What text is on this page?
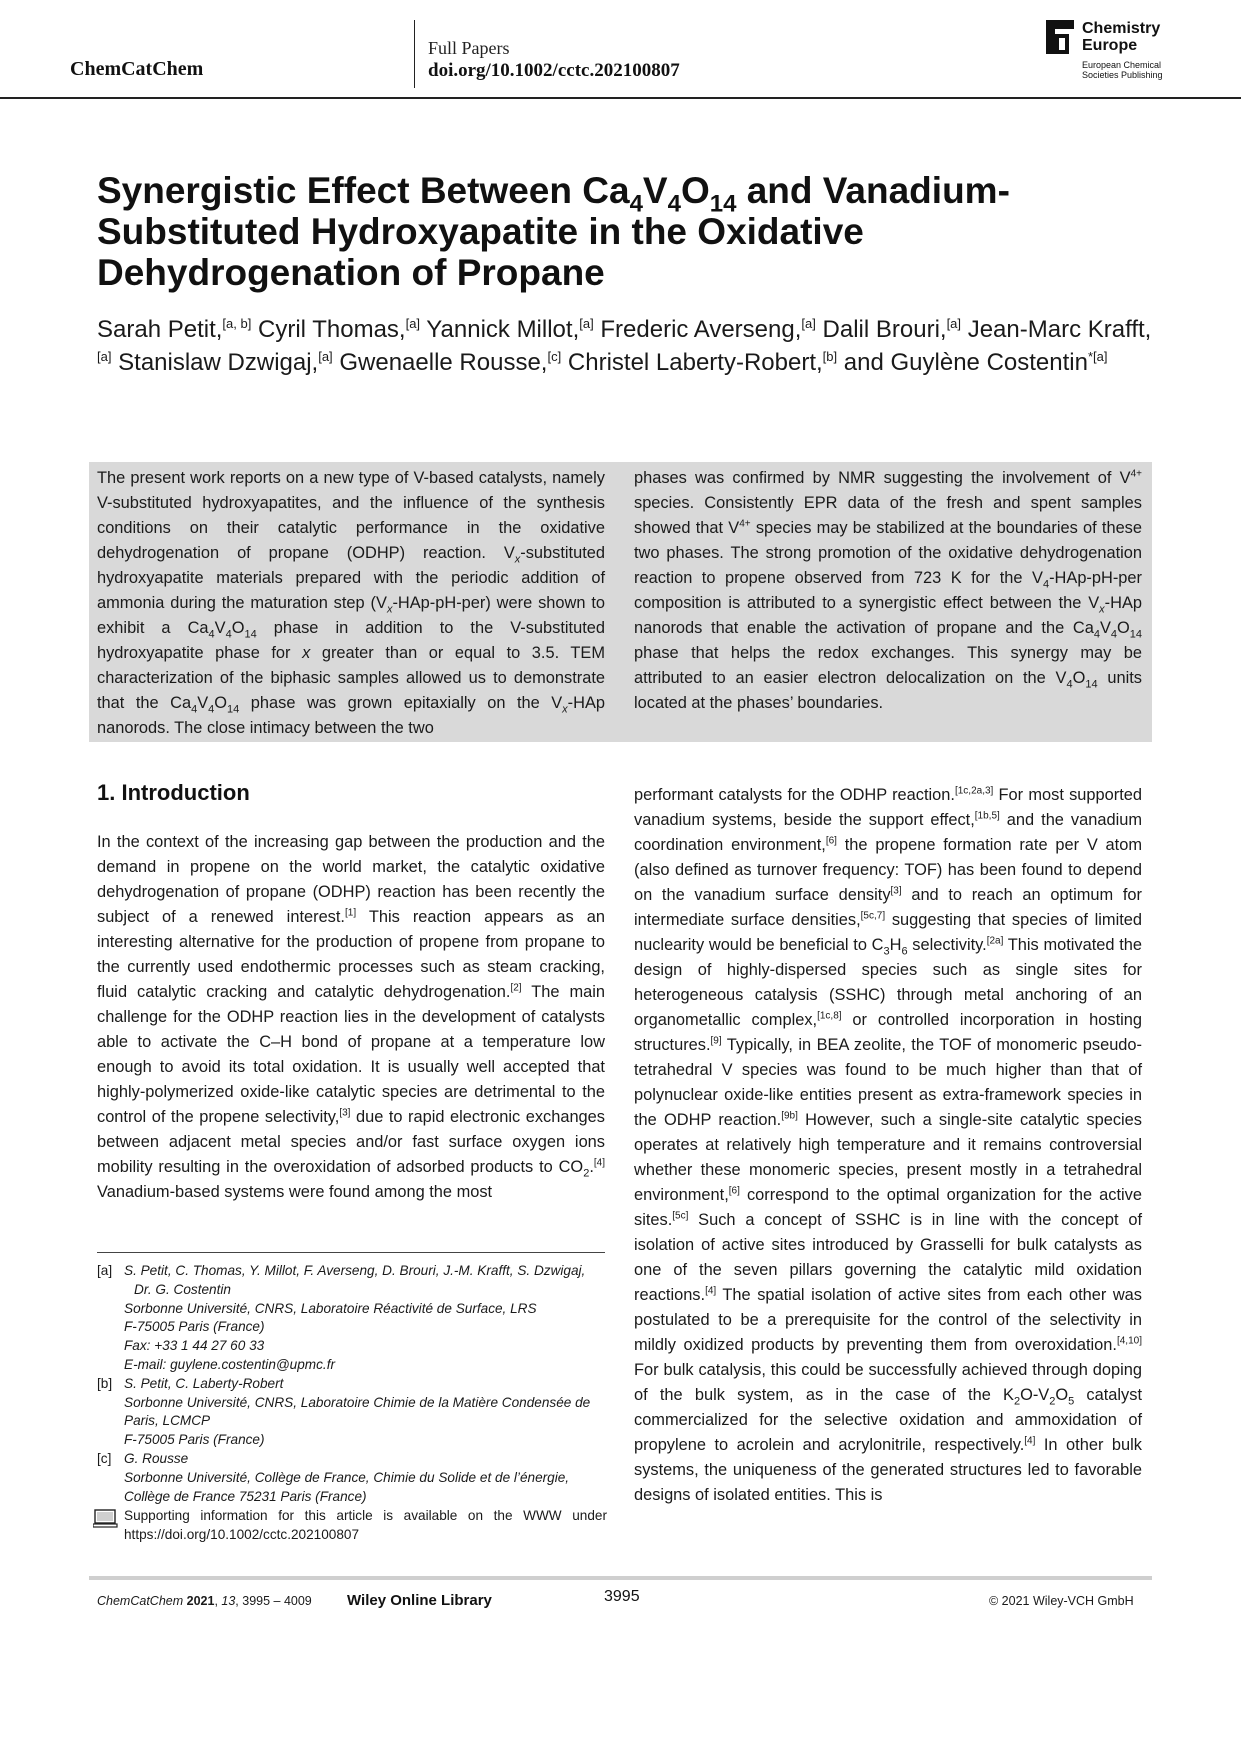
ChemCatChem
Full Papers
doi.org/10.1002/cctc.202100807
Chemistry
Europe
European Chemical
Societies Publishing
Synergistic Effect Between $Ca_4V_4O_{14}$ and Vanadium-Substituted Hydroxyapatite in the Oxidative Dehydrogenation of Propane

Sarah Petit,[a, b] Cyril Thomas,[a] Yannick Millot,[a] Frederic Averseng,[a] Dalil Brouri,[a] Jean-Marc Krafft,[a] Stanislaw Dzwigaj,[a] Gwenaelle Rousse,[c] Christel Laberty-Robert,[b] and Guylène Costentin$^{*[a]}$

The present work reports on a new type of V-based catalysts, namely V-substituted hydroxyapatites, and the influence of the synthesis conditions on their catalytic performance in the oxidative dehydrogenation of propane (ODHP) reaction. $V_x$-substituted hydroxyapatite materials prepared with the periodic addition of ammonia during the maturation step $(V_x-HAp-pH-per)$ were shown to exhibit a $Ca_4V_4O_{14}$ phase in addition to the V-substituted hydroxyapatite phase for x greater than or equal to 3.5. TEM characterization of the biphasic samples allowed us to demonstrate that the $Ca_4V_4O_{14}$ phase was grown epitaxially on the $V_x$-HAp nanorods. The close intimacy between the two

phases was confirmed by NMR suggesting the involvement of $V^{4+}$ species. Consistently EPR data of the fresh and spent samples showed that $V^{4+}$ species may be stabilized at the boundaries of these two phases. The strong promotion of the oxidative dehydrogenation reaction to propene observed from 723 K for the $V_4-HAp-pH$-per composition is attributed to a synergistic effect between the $V_x$-HAp nanorods that enable the activation of propane and the $Ca_4V_4O_{14}$ phase that helps the redox exchanges. This synergy may be attributed to an easier electron delocalization on the $V_4O_{14}$ units located at the phases’ boundaries.

1. Introduction

In the context of the increasing gap between the production and the demand in propene on the world market, the catalytic oxidative dehydrogenation of propane (ODHP) reaction has been recently the subject of a renewed interest.[1] This reaction appears as an interesting alternative for the production of propene from propane to the currently used endothermic processes such as steam cracking, fluid catalytic cracking and catalytic dehydrogenation.[2] The main challenge for the ODHP reaction lies in the development of catalysts able to activate the C–H bond of propane at a temperature low enough to avoid its total oxidation. It is usually well accepted that highly-polymerized oxide-like catalytic species are detrimental to the control of the propene selectivity,[3] due to rapid electronic exchanges between adjacent metal species and/or fast surface oxygen ions mobility resulting in the overoxidation of adsorbed products to $CO_2.[4]$ Vanadium-based systems were found among the most

performant catalysts for the ODHP reaction.[1c,2a,3] For most supported vanadium systems, beside the support effect,[1b,5] and the vanadium coordination environment,[6] the propene formation rate per V atom (also defined as turnover frequency: TOF) has been found to depend on the vanadium surface density[3] and to reach an optimum for intermediate surface densities,[5c,7] suggesting that species of limited nuclearity would be beneficial to $C_3H_6$ selectivity.[2a] This motivated the design of highly-dispersed species such as single sites for heterogeneous catalysis (SSHC) through metal anchoring of an organometallic complex,[1c,8] or controlled incorporation in hosting structures.[9] Typically, in BEA zeolite, the TOF of monomeric pseudo-tetrahedral V species was found to be much higher than that of polynuclear oxide-like entities present as extra-framework species in the ODHP reaction.[9b] However, such a single-site catalytic species operates at relatively high temperature and it remains controversial whether these monomeric species, present mostly in a tetrahedral environment,[6] correspond to the optimal organization for the active sites.[5c] Such a concept of SSHC is in line with the concept of isolation of active sites introduced by Grasselli for bulk catalysts as one of the seven pillars governing the catalytic mild oxidation reactions.[4] The spatial isolation of active sites from each other was postulated to be a prerequisite for the control of the selectivity in mildly oxidized products by preventing them from overoxidation.[4,10] For bulk catalysis, this could be successfully achieved through doping of the bulk system, as in the case of the $K_2O-V_2O_5$ catalyst commercialized for the selective oxidation and ammoxidation of propylene to acrolein and acrylonitrile, respectively.[4] In other bulk systems, the uniqueness of the generated structures led to favorable designs of isolated entities. This is

[a] S. Petit, C. Thomas, Y. Millot, F. Averseng, D. Brouri, J.-M. Krafft, S. Dzwigaj,
Dr. G. Costentin
Sorbonne Université, CNRS, Laboratoire Réactivité de Surface, LRS
F-75005 Paris (France)
Fax: +33 1 44 27 60 33
E-mail: guylene.costentin@upmc.fr
[b] S. Petit, C. Laberty-Robert
Sorbonne Université, CNRS, Laboratoire Chimie de la Matière Condensée de
Paris, LCMCP
F-75005 Paris (France)
[c] G. Rousse
Sorbonne Université, Collège de France, Chimie du Solide et de l’énergie,
Collège de France 75231 Paris (France)
Supporting information for this article is available on the WWW under https://doi.org/10.1002/cctc.202100807
ChemCatChem 2021, 13, 3995 – 4009 Wiley Online Library	3995	© 2021 Wiley-VCH GmbH
